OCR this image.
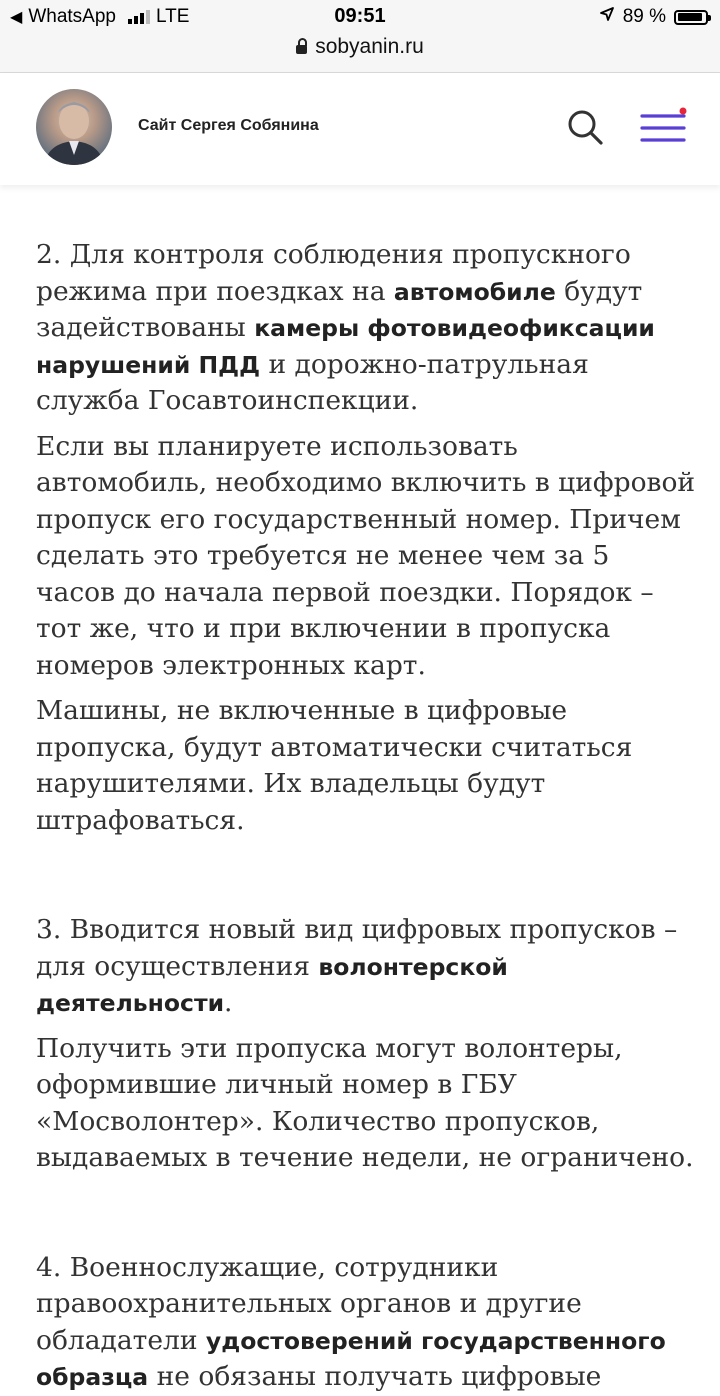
◀ WhatsApp LTE	09:51
sobyanin.ru
89 %
Сайт Сергея Собянина

2. Для контроля соблюдения пропускного режима при поездках на автомобиле будут задействованы камеры фотовидеофиксации нарушений ПДД и дорожно-патрульная служба Госавтоинспекции.

Если вы планируете использовать автомобиль, необходимо включить в цифровой пропуск его государственный номер. Причем сделать это требуется не менее чем за 5 часов до начала первой поездки. Порядок – тот же, что и при включении в пропуска номеров электронных карт.

Машины, не включенные в цифровые пропуска, будут автоматически считаться нарушителями. Их владельцы будут штрафоваться.

3. Вводится новый вид цифровых пропусков – для осуществления волонтерской деятельности.

Получить эти пропуска могут волонтеры, оформившие личный номер в ГБУ «Мосволонтер». Количество пропусков, выдаваемых в течение недели, не ограничено.

4. Военнослужащие, сотрудники правоохранительных органов и другие обладатели удостоверений государственного образца не обязаны получать цифровые
